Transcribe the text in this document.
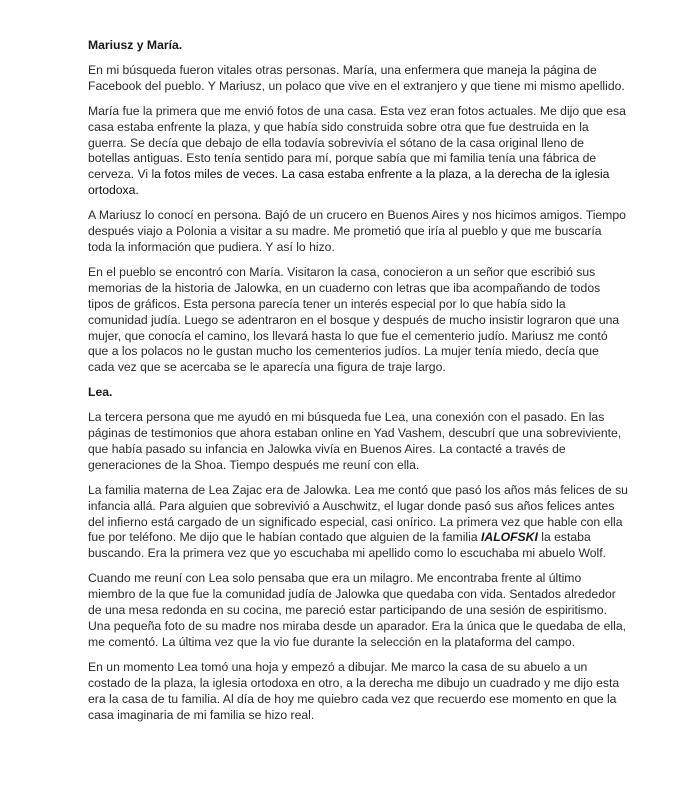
Mariusz y María.

En mi búsqueda fueron vitales otras personas. María, una enfermera que maneja la página de Facebook del pueblo. Y Mariusz, un polaco que vive en el extranjero y que tiene mi mismo apellido.

María fue la primera que me envió fotos de una casa. Esta vez eran fotos actuales. Me dijo que esa casa estaba enfrente la plaza, y que había sido construida sobre otra que fue destruida en la guerra. Se decía que debajo de ella todavía sobrevivía el sótano de la casa original lleno de botellas antiguas. Esto tenía sentido para mí, porque sabía que mi familia tenía una fábrica de cerveza. Vi la fotos miles de veces. La casa estaba enfrente a la plaza, a la derecha de la iglesia ortodoxa.

A Mariusz lo conocí en persona. Bajó de un crucero en Buenos Aires y nos hicimos amigos. Tiempo después viajo a Polonia a visitar a su madre. Me prometió que iría al pueblo y que me buscaría toda la información que pudiera. Y así lo hizo.

En el pueblo se encontró con María. Visitaron la casa, conocieron a un señor que escribió sus memorias de la historia de Jalowka, en un cuaderno con letras que iba acompañando de todos tipos de gráficos. Esta persona parecía tener un interés especial por lo que había sido la comunidad judía. Luego se adentraron en el bosque y después de mucho insistir lograron que una mujer, que conocía el camino, los llevará hasta lo que fue el cementerio judío. Mariusz me contó que a los polacos no le gustan mucho los cementerios judíos. La mujer tenía miedo, decía que cada vez que se acercaba se le aparecía una figura de traje largo.

Lea.

La tercera persona que me ayudó en mi búsqueda fue Lea, una conexión con el pasado. En las páginas de testimonios que ahora estaban online en Yad Vashem, descubrí que una sobreviviente, que había pasado su infancia en Jalowka vivía en Buenos Aires. La contacté a través de generaciones de la Shoa. Tiempo después me reuní con ella.

La familia materna de Lea Zajac era de Jalowka. Lea me contó que pasó los años más felices de su infancia allá. Para alguien que sobrevivió a Auschwitz, el lugar donde pasó sus años felices antes del infierno está cargado de un significado especial, casi onírico. La primera vez que hable con ella fue por teléfono. Me dijo que le habían contado que alguien de la familia IALOFSKI la estaba buscando. Era la primera vez que yo escuchaba mi apellido como lo escuchaba mi abuelo Wolf.

Cuando me reuní con Lea solo pensaba que era un milagro. Me encontraba frente al último miembro de la que fue la comunidad judía de Jalowka que quedaba con vida. Sentados alrededor de una mesa redonda en su cocina, me pareció estar participando de una sesión de espiritismo. Una pequeña foto de su madre nos miraba desde un aparador. Era la única que le quedaba de ella, me comentó. La última vez que la vio fue durante la selección en la plataforma del campo.

En un momento Lea tomó una hoja y empezó a dibujar. Me marco la casa de su abuelo a un costado de la plaza, la iglesia ortodoxa en otro, a la derecha me dibujo un cuadrado y me dijo esta era la casa de tu familia. Al día de hoy me quiebro cada vez que recuerdo ese momento en que la casa imaginaria de mi familia se hizo real.
